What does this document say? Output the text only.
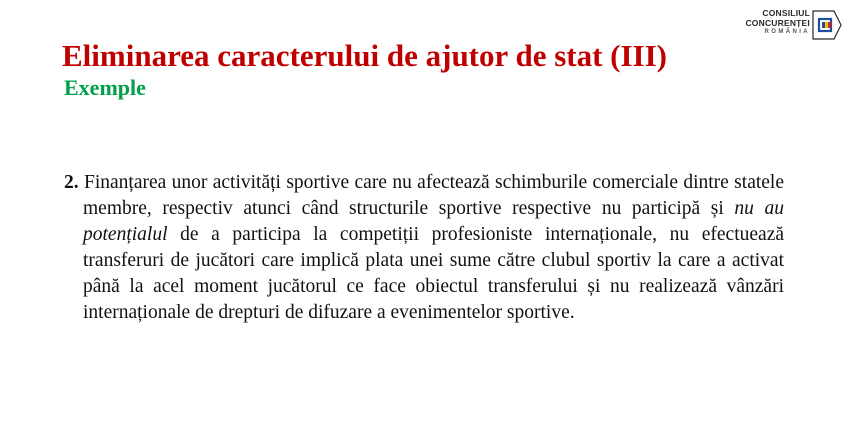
Eliminarea caracterului de ajutor de stat (III)
Exemple
CONSILIUL
CONCURENȚEI
ROMÂNIA

2. Finanțarea unor activități sportive care nu afectează schimburile comerciale dintre statele membre, respectiv atunci când structurile sportive respective nu participă și nu au potențialul de a participa la competiții profesioniste internaționale, nu efectuează transferuri de jucători care implică plata unei sume către clubul sportiv la care a activat până la acel moment jucătorul ce face obiectul transferului și nu realizează vânzări internaționale de drepturi de difuzare a evenimentelor sportive.
